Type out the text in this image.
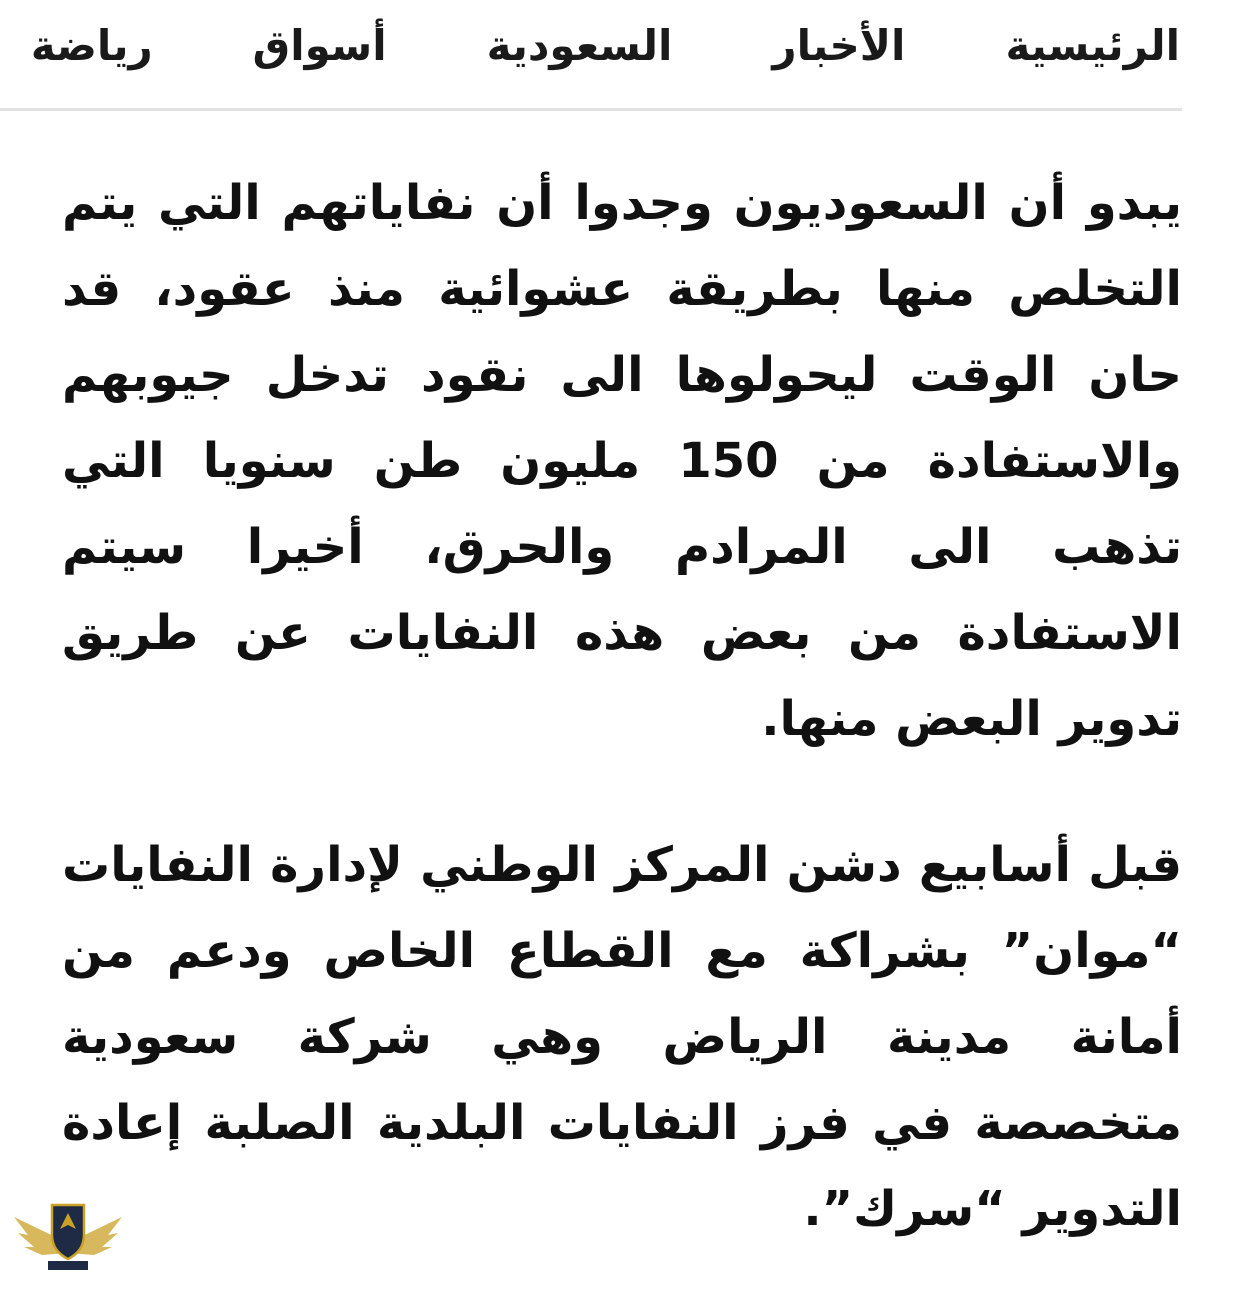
الرئيسية
الأخبار
السعودية
أسواق
رياضة

يبدو أن السعوديون وجدوا أن نفاياتهم التي يتم التخلص منها بطريقة عشوائية منذ عقود، قد حان الوقت ليحولوها الى نقود تدخل جيوبهم والاستفادة من 150 مليون طن سنويا التي تذهب الى المرادم والحرق، أخيرا سيتم الاستفادة من بعض هذه النفايات عن طريق تدوير البعض منها.

قبل أسابيع دشن المركز الوطني لإدارة النفايات “موان” بشراكة مع القطاع الخاص ودعم من أمانة مدينة الرياض وهي شركة سعودية متخصصة في فرز النفايات البلدية الصلبة إعادة التدوير “سرك”.
